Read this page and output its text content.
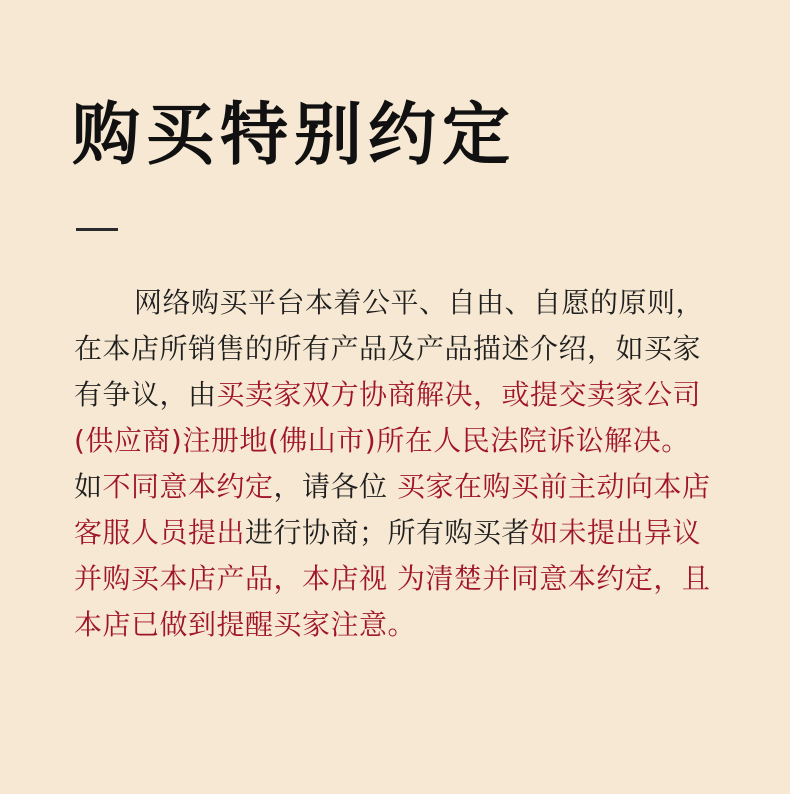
购买特别约定

网络购买平台本着公平、自由、自愿的原则，
在本店所销售的所有产品及产品描述介绍，如买家
有争议，由买卖家双方协商解决，或提交卖家公司
(供应商)注册地(佛山市)所在人民法院诉讼解决。
如不同意本约定，请各位 买家在购买前主动向本店
客服人员提出进行协商；所有购买者如未提出异议
并购买本店产品，本店视 为清楚并同意本约定，且
本店已做到提醒买家注意。
